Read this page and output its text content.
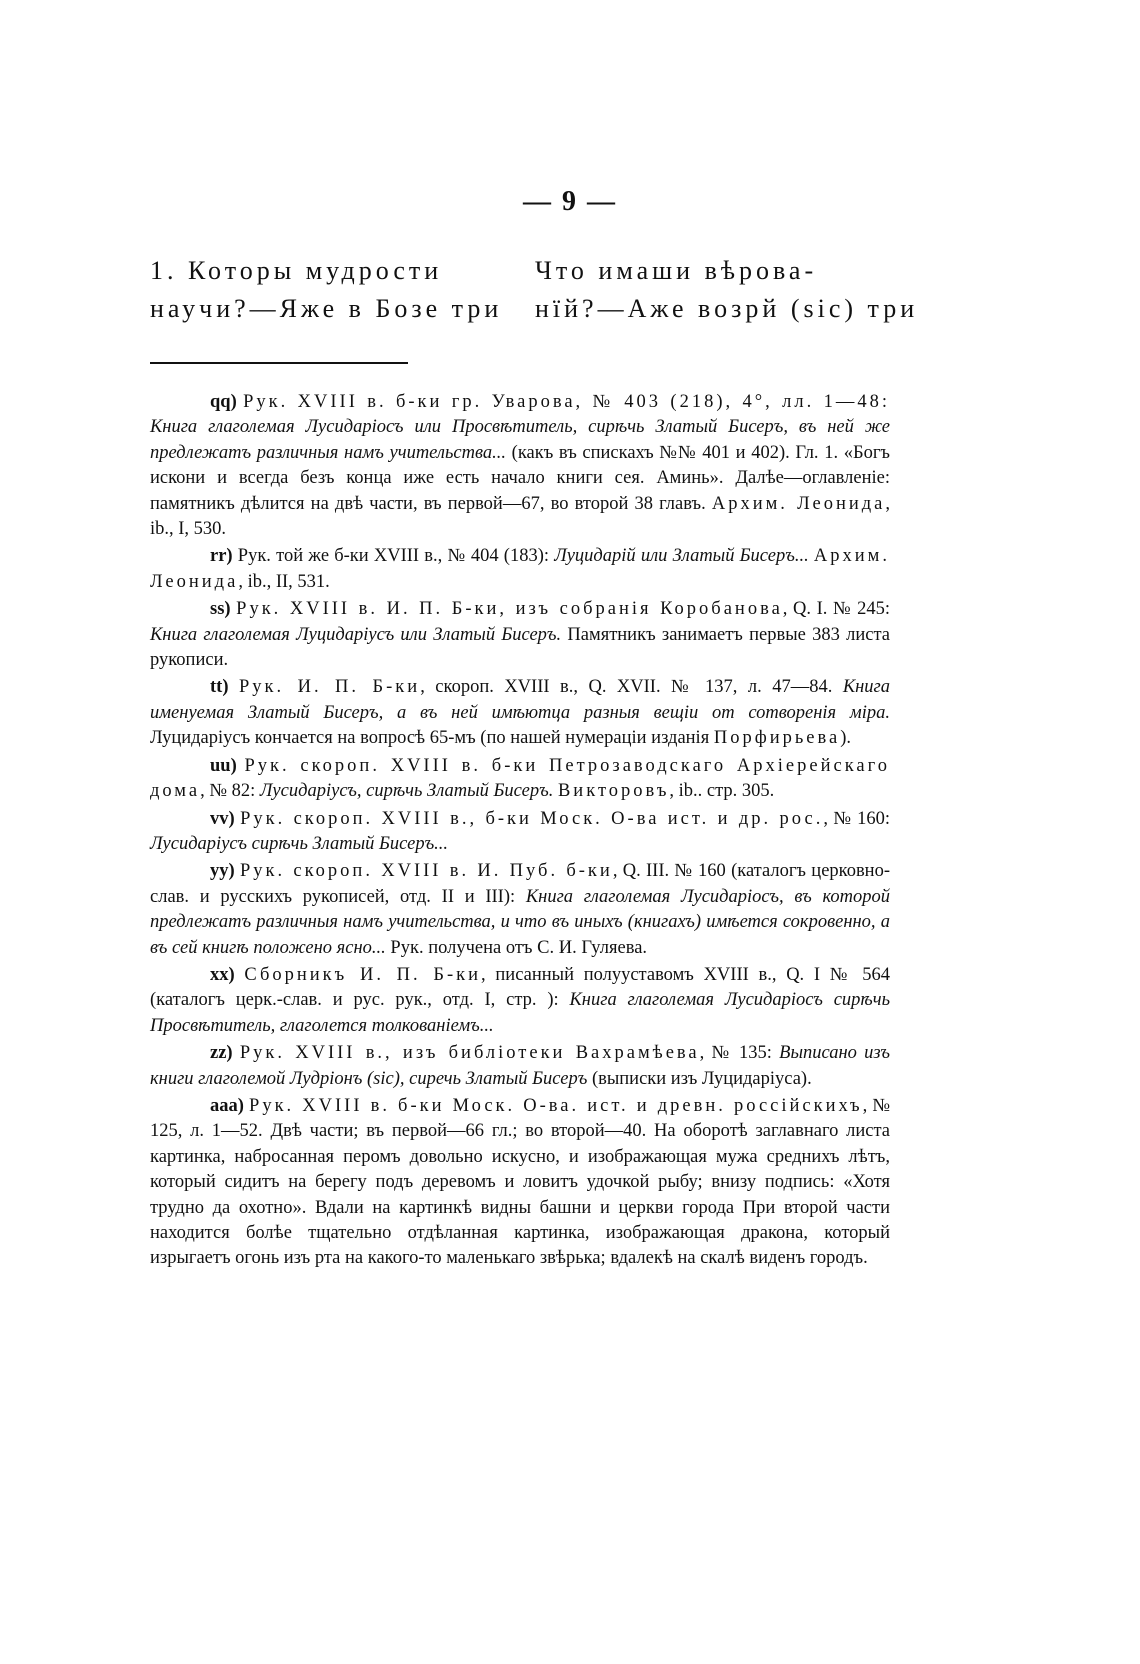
— 9 —
1. Которы мудрости	Что имаши вѣрова-
научи?—Яже в Бозе три	нїй?—Аже возрй (sic) три

qq) Рук. XVIII в. б-ки гр. Уварова, № 403 (218), 4°, лл. 1—48: Книга глаголемая Лусидаріосъ или Просвѣтитель, сирѣчь Златый Бисеръ, въ ней же предлежатъ различныя намъ учительства... (какъ въ спискахъ №№ 401 и 402). Гл. 1. «Богъ искони и всегда безъ конца иже есть начало книги сея. Аминь». Далѣе—оглавленіе: памятникъ дѣлится на двѣ части, въ первой—67, во второй 38 главъ. Архим. Леонида, ib., I, 530.

rr) Рук. той же б-ки XVIII в., № 404 (183): Луцидарій или Златый Бисеръ... Архим. Леонида, ib., II, 531.

ss) Рук. XVIII в. И. П. Б-ки, изъ собранія Коробанова, Q. I. № 245: Книга глаголемая Луцидаріусъ или Златый Бисеръ. Памятникъ занимаетъ первые 383 листа рукописи.

tt) Рук. И. П. Б-ки, скороп. XVIII в., Q. XVII. № 137, л. 47—84. Книга именуемая Златый Бисеръ, а въ ней имѣютца разныя вещіи от сотворенія міра. Луцидаріусъ кончается на вопросѣ 65-мъ (по нашей нумераціи изданія Порфирьева).

uu) Рук. скороп. XVIII в. б-ки Петрозаводскаго Архіерейскаго дома, № 82: Лусидаріусъ, сирѣчь Златый Бисеръ. Викторовъ, ib.. стр. 305.

vv) Рук. скороп. XVIII в., б-ки Моск. О-ва ист. и др. рос., № 160: Лусидаріусъ сирѣчь Златый Бисеръ...

yy) Рук. скороп. XVIII в. И. Пуб. б-ки, Q. III. № 160 (каталогъ церковно-слав. и русскихъ рукописей, отд. II и III): Книга глаголемая Лусидаріосъ, въ которой предлежатъ различныя намъ учительства, и что въ иныхъ (книгахъ) имѣется сокровенно, а въ сей книгѣ положено ясно... Рук. получена отъ С. И. Гуляева.

xx) Сборникъ И. П. Б-ки, писанный полууставомъ XVIII в., Q. I № 564 (каталогъ церк.-слав. и рус. рук., отд. I, стр. ): Книга глаголемая Лусидаріосъ сирѣчь Просвѣтитель, глаголется толкованіемъ...

zz) Рук. XVIII в., изъ библіотеки Вахрамѣева, № 135: Выписано изъ книги глаголемой Лудріонъ (sic), сиречь Златый Бисеръ (выписки изъ Луцидаріуса).

aaa) Рук. XVIII в. б-ки Моск. О-ва. ист. и древн. россійскихъ, № 125, л. 1—52. Двѣ части; въ первой—66 гл.; во второй—40. На оборотѣ заглавнаго листа картинка, набросанная перомъ довольно искусно, и изображающая мужа среднихъ лѣтъ, который сидитъ на берегу подъ деревомъ и ловитъ удочкой рыбу; внизу подпись: «Хотя трудно да охотно». Вдали на картинкѣ видны башни и церкви города При второй части находится болѣе тщательно отдѣланная картинка, изображающая дракона, который изрыгаетъ огонь изъ рта на какого-то маленькаго звѣрька; вдалекѣ на скалѣ виденъ городъ.
